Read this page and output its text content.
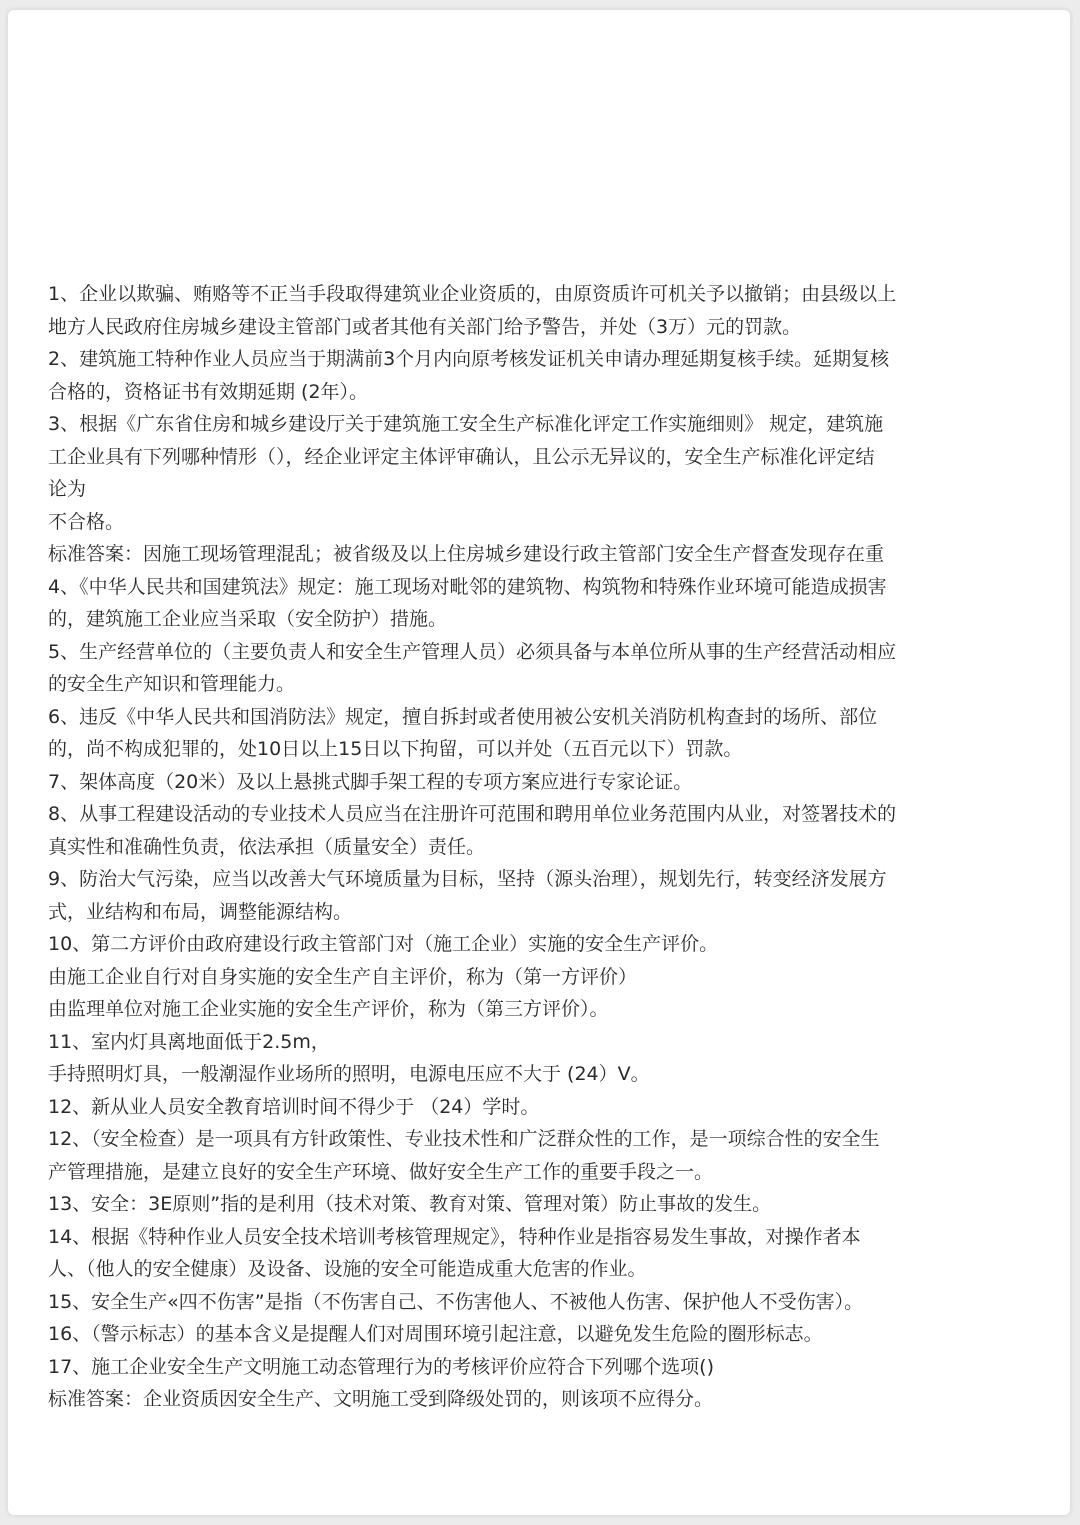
1、企业以欺骗、贿赂等不正当手段取得建筑业企业资质的，由原资质许可机关予以撤销；由县级以上
地方人民政府住房城乡建设主管部门或者其他有关部门给予警告，并处（3万）元的罚款。
2、建筑施工特种作业人员应当于期满前3个月内向原考核发证机关申请办理延期复核手续。延期复核
合格的，资格证书有效期延期 (2年）。
3、根据《广东省住房和城乡建设厅关于建筑施工安全生产标准化评定工作实施细则》 规定，建筑施
工企业具有下列哪种情形（），经企业评定主体评审确认，且公示无异议的，安全生产标准化评定结
论为
不合格。
标准答案：因施工现场管理混乱；被省级及以上住房城乡建设行政主管部门安全生产督查发现存在重
4、《中华人民共和国建筑法》规定：施工现场对毗邻的建筑物、构筑物和特殊作业环境可能造成损害
的，建筑施工企业应当采取（安全防护）措施。
5、生产经营单位的（主要负责人和安全生产管理人员）必须具备与本单位所从事的生产经营活动相应
的安全生产知识和管理能力。
6、违反《中华人民共和国消防法》规定，擅自拆封或者使用被公安机关消防机构查封的场所、部位
的，尚不构成犯罪的，处10日以上15日以下拘留，可以并处（五百元以下）罚款。
7、架体高度（20米）及以上悬挑式脚手架工程的专项方案应进行专家论证。
8、从事工程建设活动的专业技术人员应当在注册许可范围和聘用单位业务范围内从业，对签署技术的
真实性和准确性负责，依法承担（质量安全）责任。
9、防治大气污染，应当以改善大气环境质量为目标，坚持（源头治理），规划先行，转变经济发展方
式，业结构和布局，调整能源结构。
10、第二方评价由政府建设行政主管部门对（施工企业）实施的安全生产评价。
由施工企业自行对自身实施的安全生产自主评价，称为（第一方评价）
由监理单位对施工企业实施的安全生产评价，称为（第三方评价）。
11、室内灯具离地面低于2.5m，
手持照明灯具，一般潮湿作业场所的照明，电源电压应不大于 (24）V。
12、新从业人员安全教育培训时间不得少于 （24）学时。
12、（安全检查）是一项具有方针政策性、专业技术性和广泛群众性的工作，是一项综合性的安全生
产管理措施，是建立良好的安全生产环境、做好安全生产工作的重要手段之一。
13、安全：3E原则”指的是利用（技术对策、教育对策、管理对策）防止事故的发生。
14、根据《特种作业人员安全技术培训考核管理规定》，特种作业是指容易发生事故，对操作者本
人、（他人的安全健康）及设备、设施的安全可能造成重大危害的作业。
15、安全生产«四不伤害”是指（不伤害自己、不伤害他人、不被他人伤害、保护他人不受伤害）。
16、（警示标志）的基本含义是提醒人们对周围环境引起注意，以避免发生危险的圈形标志。
17、施工企业安全生产文明施工动态管理行为的考核评价应符合下列哪个选项()
标准答案：企业资质因安全生产、文明施工受到降级处罚的，则该项不应得分。
